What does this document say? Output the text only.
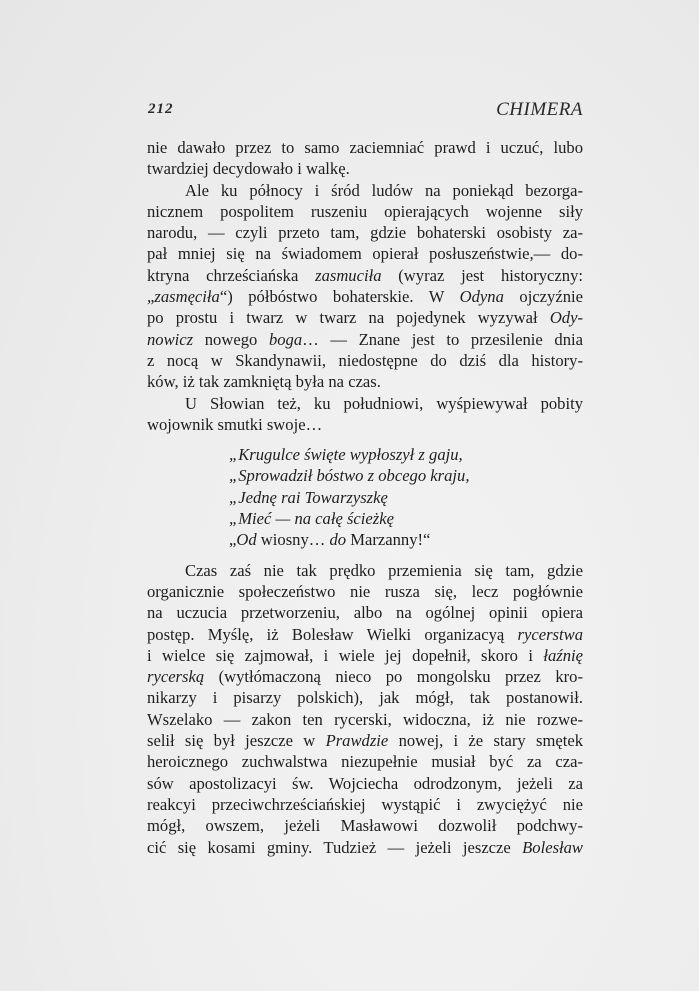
212	CHIMERA
nie dawało przez to samo zaciemniać prawd i uczuć, lubo
twardziej decydowało i walkę.
Ale ku północy i śród ludów na poniekąd bezorga-
nicznem pospolitem ruszeniu opierających wojenne siły
narodu, — czyli przeto tam, gdzie bohaterski osobisty za-
pał mniej się na świadomem opierał posłuszeństwie,— do-
ktryna chrześciańska zasmuciła (wyraz jest historyczny:
„zasmęciła“) półbóstwo bohaterskie. W Odyna ojczyźnie
po prostu i twarz w twarz na pojedynek wyzywał Ody-
nowicz nowego boga… — Znane jest to przesilenie dnia
z nocą w Skandynawii, niedostępne do dziś dla history-
ków, iż tak zamkniętą była na czas.
U Słowian też, ku południowi, wyśpiewywał pobity
wojownik smutki swoje…
„Krugulce święte wypłoszył z gaju,
„Sprowadził bóstwo z obcego kraju,
„Jednę rai Towarzyszkę
„Mieć — na całę ścieżkę
„Od wiosny… do Marzanny!“
Czas zaś nie tak prędko przemienia się tam, gdzie
organicznie społeczeństwo nie rusza się, lecz pogłównie
na uczucia przetworzeniu, albo na ogólnej opinii opiera
postęp. Myślę, iż Bolesław Wielki organizacyą rycerstwa
i wielce się zajmował, i wiele jej dopełnił, skoro i łaźnię
rycerską (wytłómaczoną nieco po mongolsku przez kro-
nikarzy i pisarzy polskich), jak mógł, tak postanowił.
Wszelako — zakon ten rycerski, widoczna, iż nie rozwe-
selił się był jeszcze w Prawdzie nowej, i że stary smętek
heroicznego zuchwalstwa niezupełnie musiał być za cza-
sów apostolizacyi św. Wojciecha odrodzonym, jeżeli za
reakcyi przeciwchrześciańskiej wystąpić i zwyciężyć nie
mógł, owszem, jeżeli Masławowi dozwolił podchwy-
cić się kosami gminy. Tudzież — jeżeli jeszcze Bolesław
